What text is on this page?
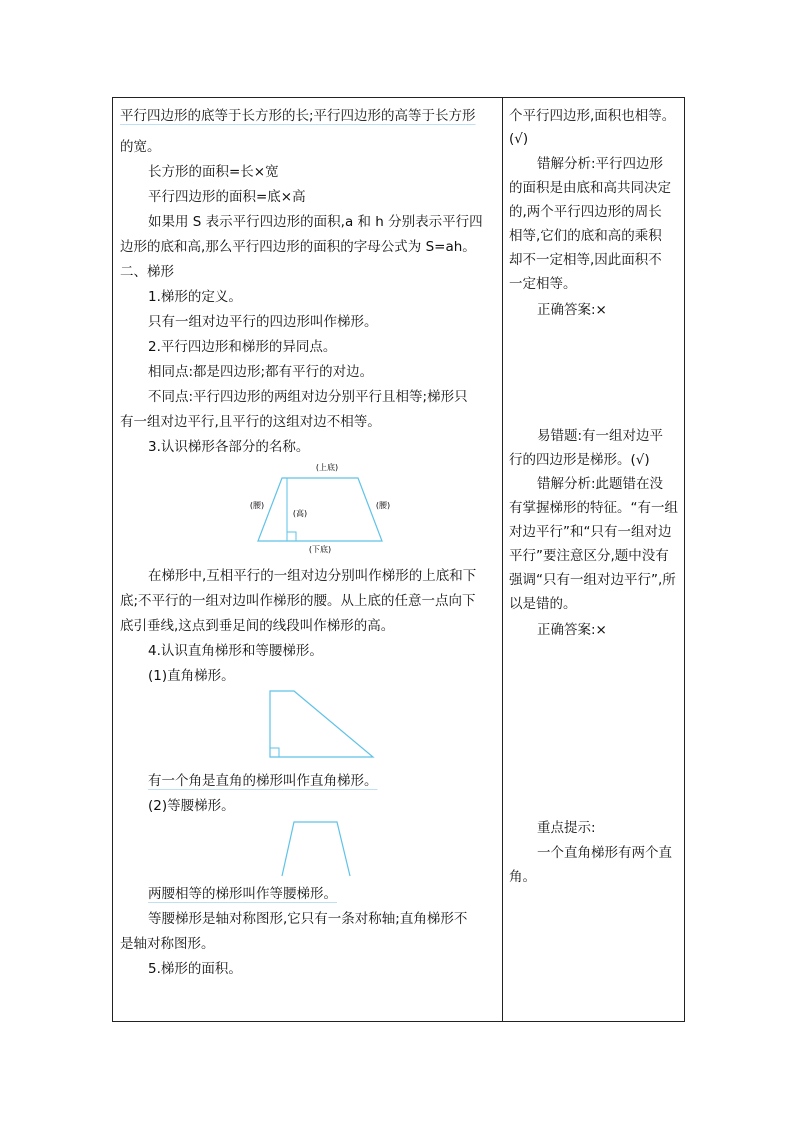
平行四边形的底等于长方形的长;平行四边形的高等于长方形
的宽。
长方形的面积=长×宽
平行四边形的面积=底×高
如果用 S 表示平行四边形的面积,a 和 h 分别表示平行四
边形的底和高,那么平行四边形的面积的字母公式为 S=ah。
二、梯形
1.梯形的定义。
只有一组对边平行的四边形叫作梯形。
2.平行四边形和梯形的异同点。
相同点:都是四边形;都有平行的对边。
不同点:平行四边形的两组对边分别平行且相等;梯形只
有一组对边平行,且平行的这组对边不相等。
3.认识梯形各部分的名称。
(上底)
(腰)	(腰)
(高)
(下底)
在梯形中,互相平行的一组对边分别叫作梯形的上底和下
底;不平行的一组对边叫作梯形的腰。从上底的任意一点向下
底引垂线,这点到垂足间的线段叫作梯形的高。
4.认识直角梯形和等腰梯形。
(1)直角梯形。
有一个角是直角的梯形叫作直角梯形。
(2)等腰梯形。
两腰相等的梯形叫作等腰梯形。
等腰梯形是轴对称图形,它只有一条对称轴;直角梯形不
是轴对称图形。
5.梯形的面积。
个平行四边形,面积也相等。
(√)
错解分析:平行四边形
的面积是由底和高共同决定
的,两个平行四边形的周长
相等,它们的底和高的乘积
却不一定相等,因此面积不
一定相等。
正确答案:×
易错题:有一组对边平
行的四边形是梯形。(√)
错解分析:此题错在没
有掌握梯形的特征。“有一组
对边平行”和“只有一组对边
平行”要注意区分,题中没有
强调“只有一组对边平行”,所
以是错的。
正确答案:×
重点提示:
一个直角梯形有两个直
角。
